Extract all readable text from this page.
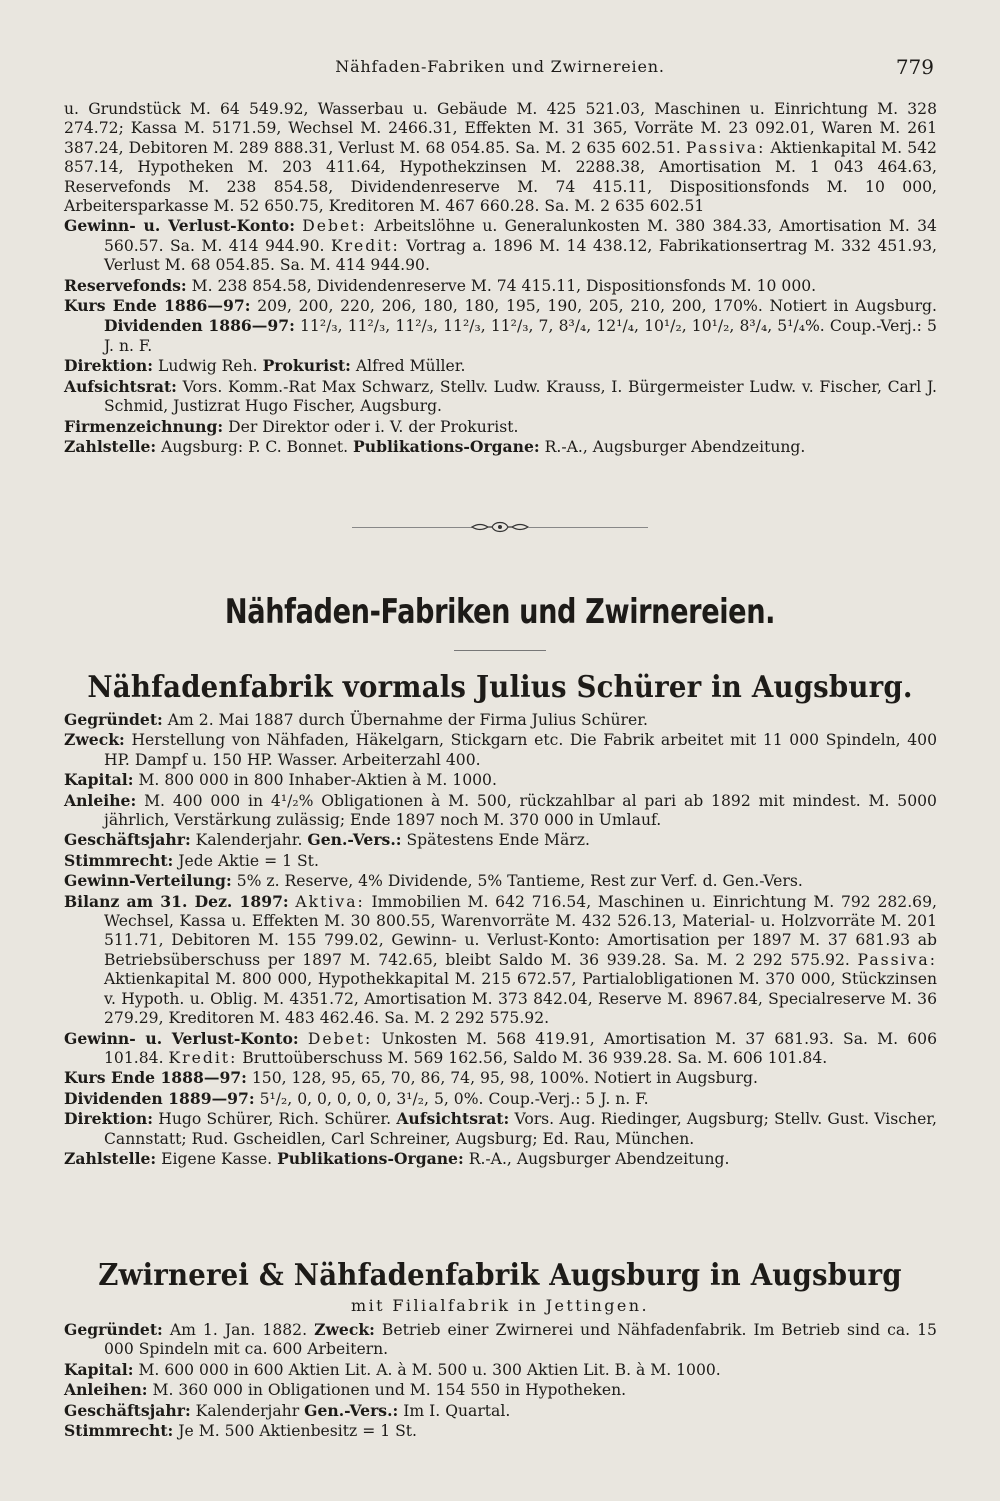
Nähfaden-Fabriken und Zwirnereien.	779

u. Grundstück M. 64 549.92, Wasserbau u. Gebäude M. 425 521.03, Maschinen u. Einrichtung M. 328 274.72; Kassa M. 5171.59, Wechsel M. 2466.31, Effekten M. 31 365, Vorräte M. 23 092.01, Waren M. 261 387.24, Debitoren M. 289 888.31, Verlust M. 68 054.85. Sa. M. 2 635 602.51. Passiva: Aktienkapital M. 542 857.14, Hypotheken M. 203 411.64, Hypothekzinsen M. 2288.38, Amortisation M. 1 043 464.63, Reservefonds M. 238 854.58, Dividendenreserve M. 74 415.11, Dispositionsfonds M. 10 000, Arbeitersparkasse M. 52 650.75, Kreditoren M. 467 660.28. Sa. M. 2 635 602.51

Gewinn- u. Verlust-Konto: Debet: Arbeitslöhne u. Generalunkosten M. 380 384.33, Amortisation M. 34 560.57. Sa. M. 414 944.90. Kredit: Vortrag a. 1896 M. 14 438.12, Fabrikationsertrag M. 332 451.93, Verlust M. 68 054.85. Sa. M. 414 944.90.

Reservefonds: M. 238 854.58, Dividendenreserve M. 74 415.11, Dispositionsfonds M. 10 000.

Kurs Ende 1886—97: 209, 200, 220, 206, 180, 180, 195, 190, 205, 210, 200, 170%. Notiert in Augsburg. Dividenden 1886—97: 11²/₃, 11²/₃, 11²/₃, 11²/₃, 11²/₃, 7, 8³/₄, 12¹/₄, 10¹/₂, 10¹/₂, 8³/₄, 5¹/₄%. Coup.-Verj.: 5 J. n. F.

Direktion: Ludwig Reh. Prokurist: Alfred Müller.

Aufsichtsrat: Vors. Komm.-Rat Max Schwarz, Stellv. Ludw. Krauss, I. Bürgermeister Ludw. v. Fischer, Carl J. Schmid, Justizrat Hugo Fischer, Augsburg.

Firmenzeichnung: Der Direktor oder i. V. der Prokurist.

Zahlstelle: Augsburg: P. C. Bonnet. Publikations-Organe: R.-A., Augsburger Abendzeitung.

Nähfaden-Fabriken und Zwirnereien.
Nähfadenfabrik vormals Julius Schürer in Augsburg.

Gegründet: Am 2. Mai 1887 durch Übernahme der Firma Julius Schürer.

Zweck: Herstellung von Nähfaden, Häkelgarn, Stickgarn etc. Die Fabrik arbeitet mit 11 000 Spindeln, 400 HP. Dampf u. 150 HP. Wasser. Arbeiterzahl 400.

Kapital: M. 800 000 in 800 Inhaber-Aktien à M. 1000.

Anleihe: M. 400 000 in 4¹/₂% Obligationen à M. 500, rückzahlbar al pari ab 1892 mit mindest. M. 5000 jährlich, Verstärkung zulässig; Ende 1897 noch M. 370 000 in Umlauf.

Geschäftsjahr: Kalenderjahr. Gen.-Vers.: Spätestens Ende März.

Stimmrecht: Jede Aktie = 1 St.

Gewinn-Verteilung: 5% z. Reserve, 4% Dividende, 5% Tantieme, Rest zur Verf. d. Gen.-Vers.

Bilanz am 31. Dez. 1897: Aktiva: Immobilien M. 642 716.54, Maschinen u. Einrichtung M. 792 282.69, Wechsel, Kassa u. Effekten M. 30 800.55, Warenvorräte M. 432 526.13, Material- u. Holzvorräte M. 201 511.71, Debitoren M. 155 799.02, Gewinn- u. Verlust-Konto: Amortisation per 1897 M. 37 681.93 ab Betriebsüberschuss per 1897 M. 742.65, bleibt Saldo M. 36 939.28. Sa. M. 2 292 575.92. Passiva: Aktienkapital M. 800 000, Hypothekkapital M. 215 672.57, Partialobligationen M. 370 000, Stückzinsen v. Hypoth. u. Oblig. M. 4351.72, Amortisation M. 373 842.04, Reserve M. 8967.84, Specialreserve M. 36 279.29, Kreditoren M. 483 462.46. Sa. M. 2 292 575.92.

Gewinn- u. Verlust-Konto: Debet: Unkosten M. 568 419.91, Amortisation M. 37 681.93. Sa. M. 606 101.84. Kredit: Bruttoüberschuss M. 569 162.56, Saldo M. 36 939.28. Sa. M. 606 101.84.

Kurs Ende 1888—97: 150, 128, 95, 65, 70, 86, 74, 95, 98, 100%. Notiert in Augsburg.

Dividenden 1889—97: 5¹/₂, 0, 0, 0, 0, 0, 3¹/₂, 5, 0%. Coup.-Verj.: 5 J. n. F.

Direktion: Hugo Schürer, Rich. Schürer. Aufsichtsrat: Vors. Aug. Riedinger, Augsburg; Stellv. Gust. Vischer, Cannstatt; Rud. Gscheidlen, Carl Schreiner, Augsburg; Ed. Rau, München.

Zahlstelle: Eigene Kasse. Publikations-Organe: R.-A., Augsburger Abendzeitung.

Zwirnerei & Nähfadenfabrik Augsburg in Augsburg
mit Filialfabrik in Jettingen.

Gegründet: Am 1. Jan. 1882. Zweck: Betrieb einer Zwirnerei und Nähfadenfabrik. Im Betrieb sind ca. 15 000 Spindeln mit ca. 600 Arbeitern.

Kapital: M. 600 000 in 600 Aktien Lit. A. à M. 500 u. 300 Aktien Lit. B. à M. 1000.

Anleihen: M. 360 000 in Obligationen und M. 154 550 in Hypotheken.

Geschäftsjahr: Kalenderjahr Gen.-Vers.: Im I. Quartal.

Stimmrecht: Je M. 500 Aktienbesitz = 1 St.
